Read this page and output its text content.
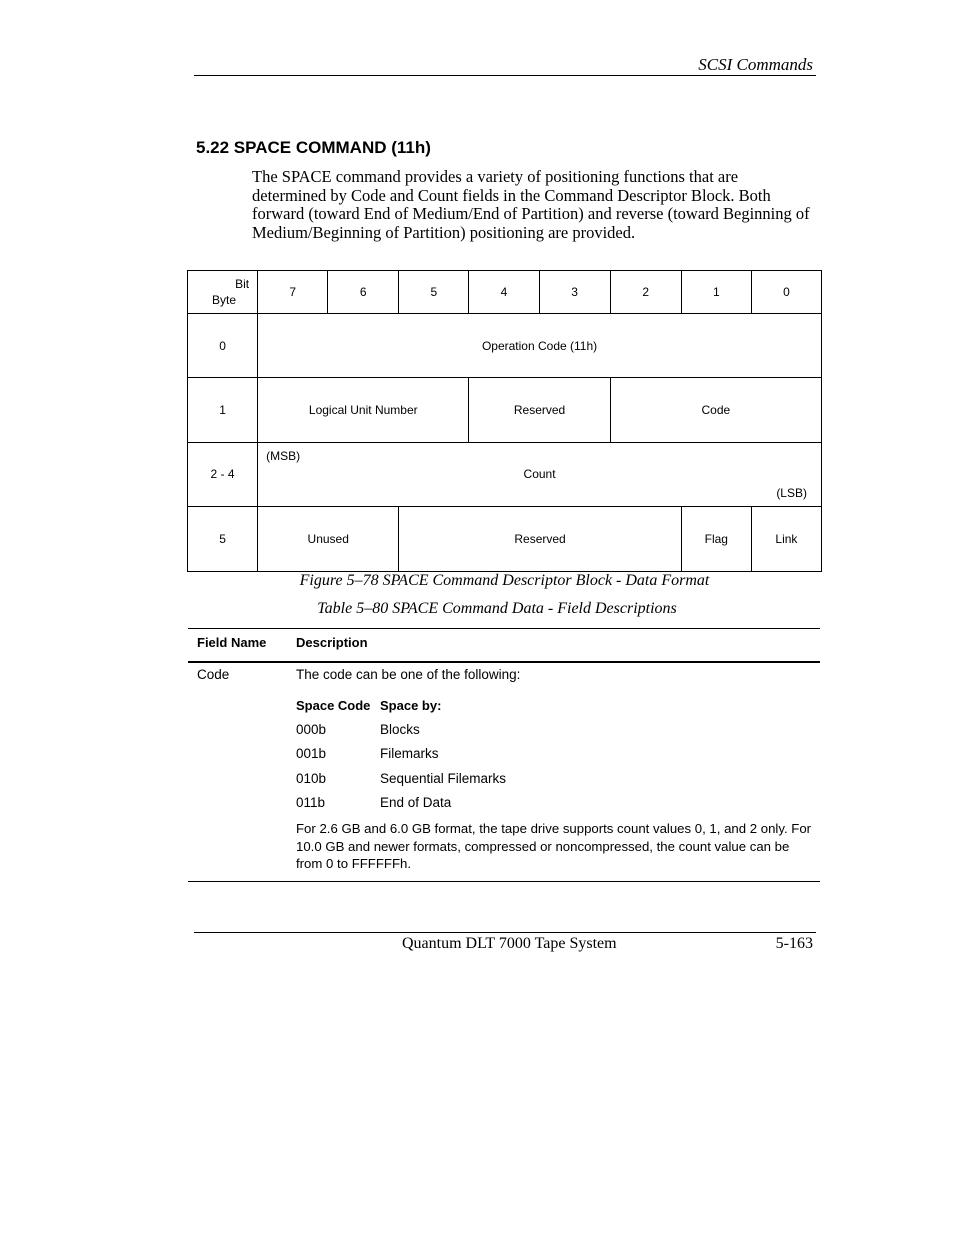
SCSI Commands
5.22 SPACE COMMAND (11h)
The SPACE command provides a variety of positioning functions that are determined by Code and Count fields in the Command Descriptor Block. Both forward (toward End of Medium/End of Partition) and reverse (toward Beginning of Medium/Beginning of Partition) positioning are provided.
Bit
Byte	7	6	5	4	3	2	1	0
0	Operation Code (11h)							
1	Logical Unit Number			Reserved		Code		
2 - 4	(MSB)
Count
(LSB)							

5	Unused		Reserved				Flag	Link
Figure 5–78 SPACE Command Descriptor Block - Data Format
Table 5–80 SPACE Command Data - Field Descriptions
Field Name Description
Code	The code can be one of the following:
Space Code Space by:
000b	Blocks
001b	Filemarks
010b	Sequential Filemarks
011b	End of Data
For 2.6 GB and 6.0 GB format, the tape drive supports count values 0, 1, and 2 only. For 10.0 GB and newer formats, compressed or noncompressed, the count value can be from 0 to FFFFFFh.
Quantum DLT 7000 Tape System	5-163
